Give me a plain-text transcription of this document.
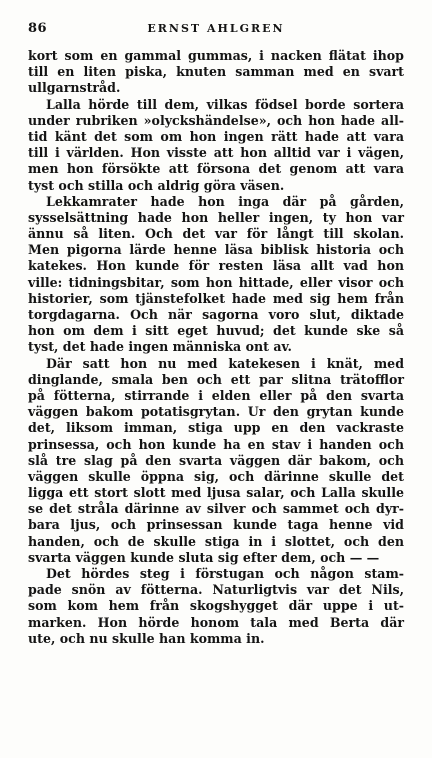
86	ERNST AHLGREN
kort som en gammal gummas, i nacken flätat ihop
till en liten piska, knuten samman med en svart
ullgarnstråd.
Lalla hörde till dem, vilkas födsel borde sortera
under rubriken »olyckshändelse», och hon hade all-
tid känt det som om hon ingen rätt hade att vara
till i världen. Hon visste att hon alltid var i vägen,
men hon försökte att försona det genom att vara
tyst och stilla och aldrig göra väsen.
Lekkamrater hade hon inga där på gården,
sysselsättning hade hon heller ingen, ty hon var
ännu så liten. Och det var för långt till skolan.
Men pigorna lärde henne läsa biblisk historia och
katekes. Hon kunde för resten läsa allt vad hon
ville: tidningsbitar, som hon hittade, eller visor och
historier, som tjänstefolket hade med sig hem från
torgdagarna. Och när sagorna voro slut, diktade
hon om dem i sitt eget huvud; det kunde ske så
tyst, det hade ingen människa ont av.
Där satt hon nu med katekesen i knät, med
dinglande, smala ben och ett par slitna trätofflor
på fötterna, stirrande i elden eller på den svarta
väggen bakom potatisgrytan. Ur den grytan kunde
det, liksom imman, stiga upp en den vackraste
prinsessa, och hon kunde ha en stav i handen och
slå tre slag på den svarta väggen där bakom, och
väggen skulle öppna sig, och därinne skulle det
ligga ett stort slott med ljusa salar, och Lalla skulle
se det stråla därinne av silver och sammet och dyr-
bara ljus, och prinsessan kunde taga henne vid
handen, och de skulle stiga in i slottet, och den
svarta väggen kunde sluta sig efter dem, och — —
Det hördes steg i förstugan och någon stam-
pade snön av fötterna. Naturligtvis var det Nils,
som kom hem från skogshygget där uppe i ut-
marken. Hon hörde honom tala med Berta där
ute, och nu skulle han komma in.
